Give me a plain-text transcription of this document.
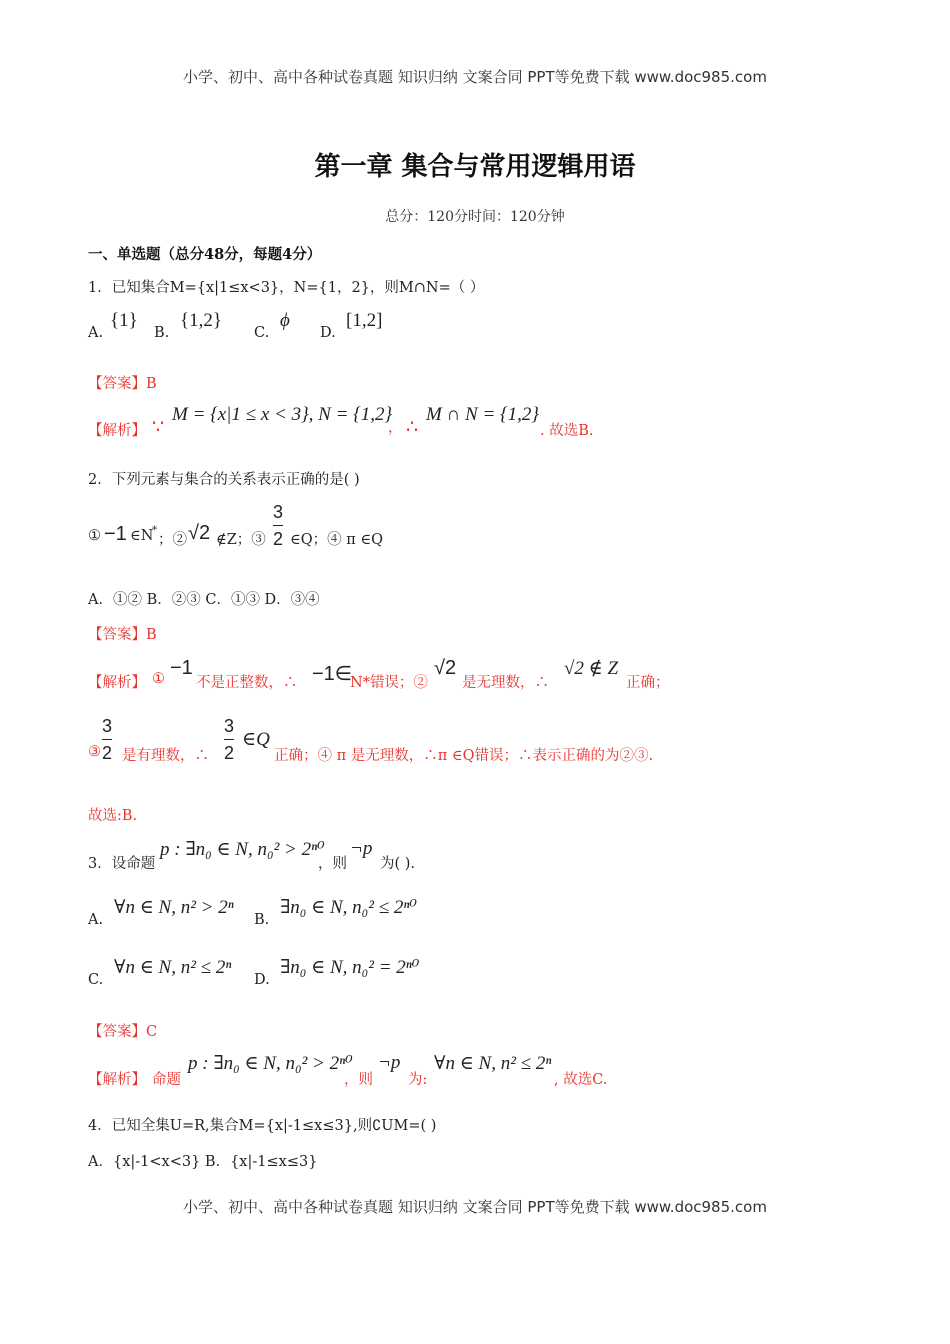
小学、初中、高中各种试卷真题 知识归纳 文案合同 PPT等免费下载 www.doc985.com
第一章 集合与常用逻辑用语
总分：120分时间：120分钟
一、单选题（总分48分，每题4分）
1．已知集合M={x|1≤x<3}，N={1，2}，则M∩N=（ ）
A.
{1}
B.
{1,2}
C.
ϕ
D.
[1,2]
【答案】B
【解析】 ∵
M = {x|1 ≤ x < 3}, N = {1,2}
， ∴
M ∩ N = {1,2}
. 故选B.
2．下列元素与集合的关系表示正确的是( )
① −1 ∈N
*
；② √2 ∉Z；③
3
2 ∈Q；④ π ∈Q
A．①② B．②③ C．①③ D．③④
【答案】B
【解析】 ① −1
不是正整数，∴ −1∈
N*错误；②
√2
是无理数，∴
√2 ∉ Z
正确；
3
2
③ 是有理数，∴
3
2
∈Q
正确；④ π 是无理数，∴π ∈Q错误；∴表示正确的为②③.
故选:B.
3．设命题
p : ∃n₀ ∈ N, n₀² > 2ⁿ⁰
，则
¬p
为( ).
A.
∀n ∈ N, n² > 2ⁿ
B.
∃n₀ ∈ N, n₀² ≤ 2ⁿ⁰
C.
∀n ∈ N, n² ≤ 2ⁿ
D.
∃n₀ ∈ N, n₀² = 2ⁿ⁰
【答案】C
【解析】 命题
p : ∃n₀ ∈ N, n₀² > 2ⁿ⁰
，则
¬p
为:
∀n ∈ N, n² ≤ 2ⁿ
, 故选C.
4．已知全集U=R,集合M={x|-1≤x≤3},则∁UM=( )
A．{x|-1<x<3} B．{x|-1≤x≤3}
小学、初中、高中各种试卷真题 知识归纳 文案合同 PPT等免费下载 www.doc985.com
